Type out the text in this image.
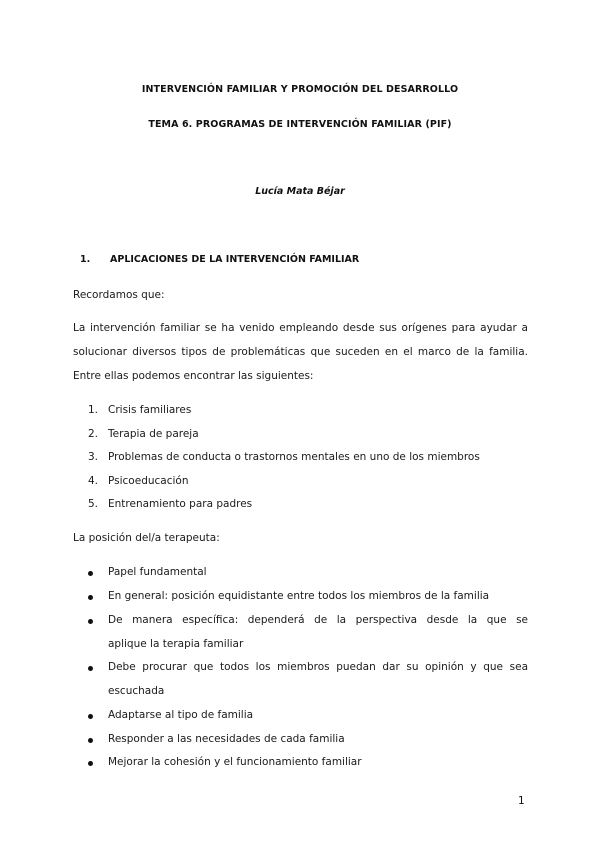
INTERVENCIÓN FAMILIAR Y PROMOCIÓN DEL DESARROLLO
TEMA 6. PROGRAMAS DE INTERVENCIÓN FAMILIAR (PIF)
Lucía Mata Béjar
1. APLICACIONES DE LA INTERVENCIÓN FAMILIAR
Recordamos que:
La intervención familiar se ha venido empleando desde sus orígenes para ayudar a
solucionar diversos tipos de problemáticas que suceden en el marco de la familia.
Entre ellas podemos encontrar las siguientes:
1. Crisis familiares
2. Terapia de pareja
3. Problemas de conducta o trastornos mentales en uno de los miembros
4. Psicoeducación
5. Entrenamiento para padres
La posición del/a terapeuta:
Papel fundamental
En general: posición equidistante entre todos los miembros de la familia
De manera específica: dependerá de la perspectiva desde la que se
aplique la terapia familiar
Debe procurar que todos los miembros puedan dar su opinión y que sea
escuchada
Adaptarse al tipo de familia
Responder a las necesidades de cada familia
Mejorar la cohesión y el funcionamiento familiar
1
